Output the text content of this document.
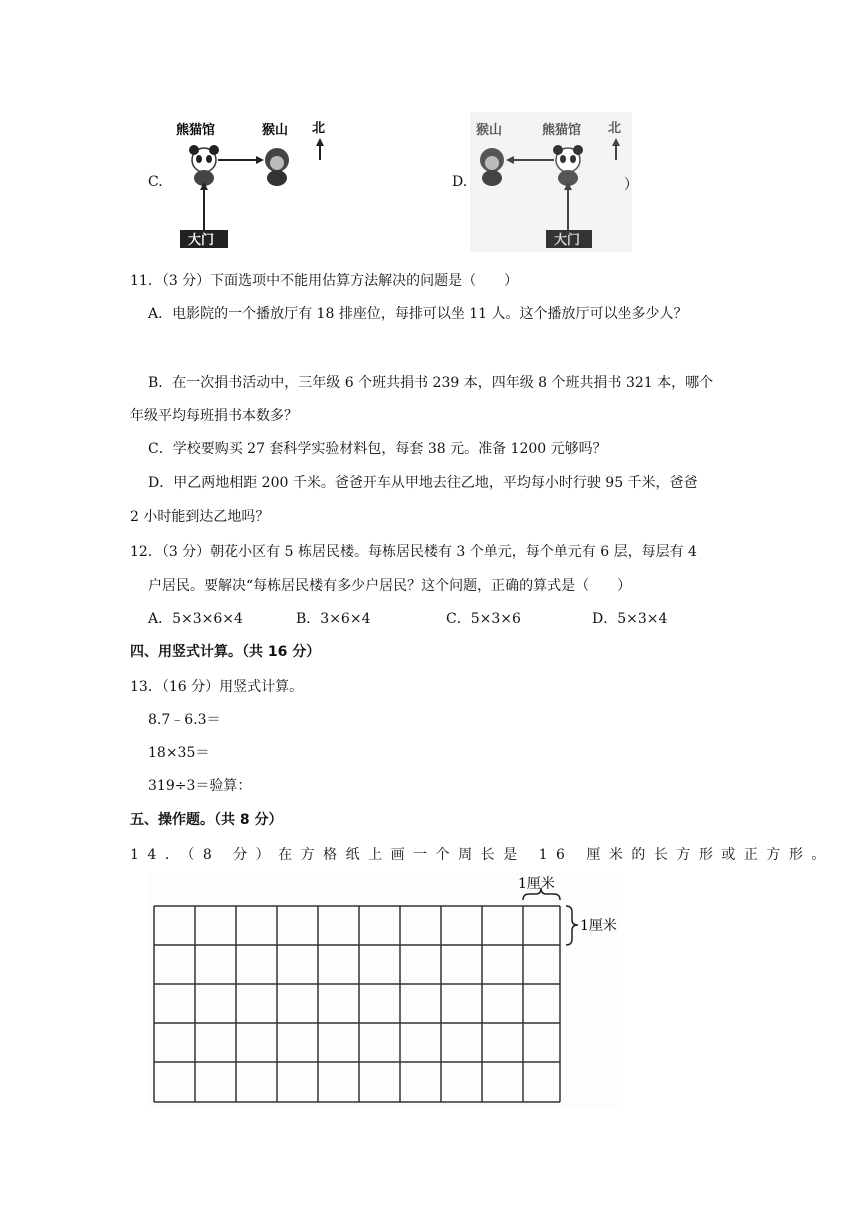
C.
熊猫馆	猴山 北
大门
D.
猴山	熊猫馆 北
大门
）
11．（3 分）下面选项中不能用估算方法解决的问题是（　　）
A．电影院的一个播放厅有 18 排座位，每排可以坐 11 人。这个播放厅可以坐多少人？
B．在一次捐书活动中，三年级 6 个班共捐书 239 本，四年级 8 个班共捐书 321 本，哪个
年级平均每班捐书本数多？
C．学校要购买 27 套科学实验材料包，每套 38 元。准备 1200 元够吗？
D．甲乙两地相距 200 千米。爸爸开车从甲地去往乙地，平均每小时行驶 95 千米，爸爸
2 小时能到达乙地吗？
12．（3 分）朝花小区有 5 栋居民楼。每栋居民楼有 3 个单元，每个单元有 6 层，每层有 4
户居民。要解决“每栋居民楼有多少户居民？这个问题，正确的算式是（　　）
A．5×3×6×4	B．3×6×4	C．5×3×6	D．5×3×4
四、用竖式计算。（共 16 分）
13．（16 分）用竖式计算。
8.7﹣6.3＝
18×35＝
319÷3＝验算：
五、操作题。（共 8 分）
14．（8 分）在方格纸上画一个周长是 16 厘米的长方形或正方形。
1厘米
1厘米
